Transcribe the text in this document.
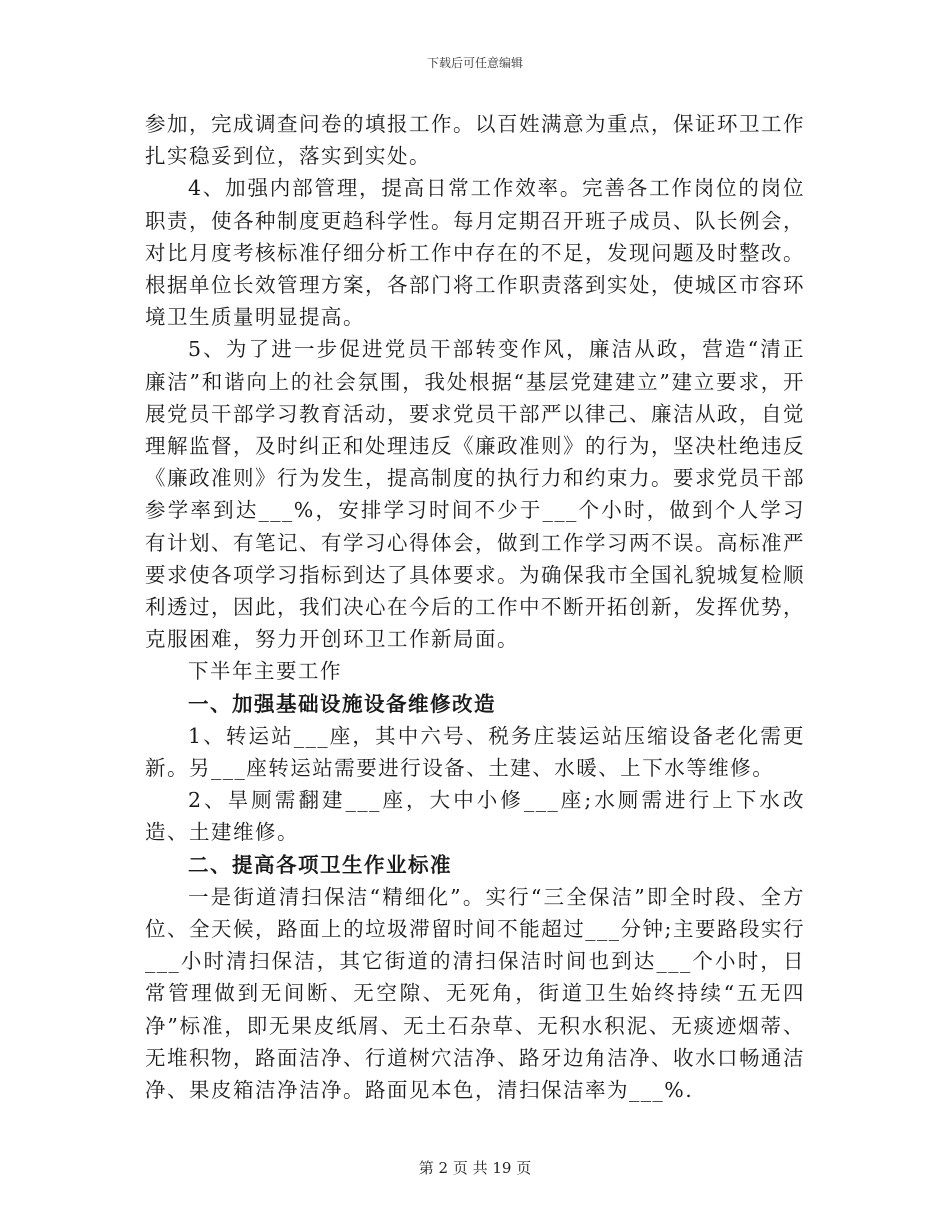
下载后可任意编辑

参加，完成调查问卷的填报工作。以百姓满意为重点，保证环卫工作扎实稳妥到位，落实到实处。

4、加强内部管理，提高日常工作效率。完善各工作岗位的岗位职责，使各种制度更趋科学性。每月定期召开班子成员、队长例会，对比月度考核标准仔细分析工作中存在的不足，发现问题及时整改。根据单位长效管理方案，各部门将工作职责落到实处，使城区市容环境卫生质量明显提高。

5、为了进一步促进党员干部转变作风，廉洁从政，营造“清正廉洁”和谐向上的社会氛围，我处根据“基层党建建立”建立要求，开展党员干部学习教育活动，要求党员干部严以律己、廉洁从政，自觉理解监督，及时纠正和处理违反《廉政准则》的行为，坚决杜绝违反《廉政准则》行为发生，提高制度的执行力和约束力。要求党员干部参学率到达___%，安排学习时间不少于___个小时，做到个人学习有计划、有笔记、有学习心得体会，做到工作学习两不误。高标准严要求使各项学习指标到达了具体要求。为确保我市全国礼貌城复检顺利透过，因此，我们决心在今后的工作中不断开拓创新，发挥优势，克服困难，努力开创环卫工作新局面。

下半年主要工作

一、加强基础设施设备维修改造

1、转运站___座，其中六号、税务庄装运站压缩设备老化需更新。另___座转运站需要进行设备、土建、水暖、上下水等维修。

2、旱厕需翻建___座，大中小修___座;水厕需进行上下水改造、土建维修。

二、提高各项卫生作业标准

一是街道清扫保洁“精细化”。实行“三全保洁”即全时段、全方位、全天候，路面上的垃圾滞留时间不能超过___分钟;主要路段实行___小时清扫保洁，其它街道的清扫保洁时间也到达___个小时，日常管理做到无间断、无空隙、无死角，街道卫生始终持续“五无四净”标准，即无果皮纸屑、无土石杂草、无积水积泥、无痰迹烟蒂、无堆积物，路面洁净、行道树穴洁净、路牙边角洁净、收水口畅通洁净、果皮箱洁净洁净。路面见本色，清扫保洁率为___%.

第 2 页 共 19 页
